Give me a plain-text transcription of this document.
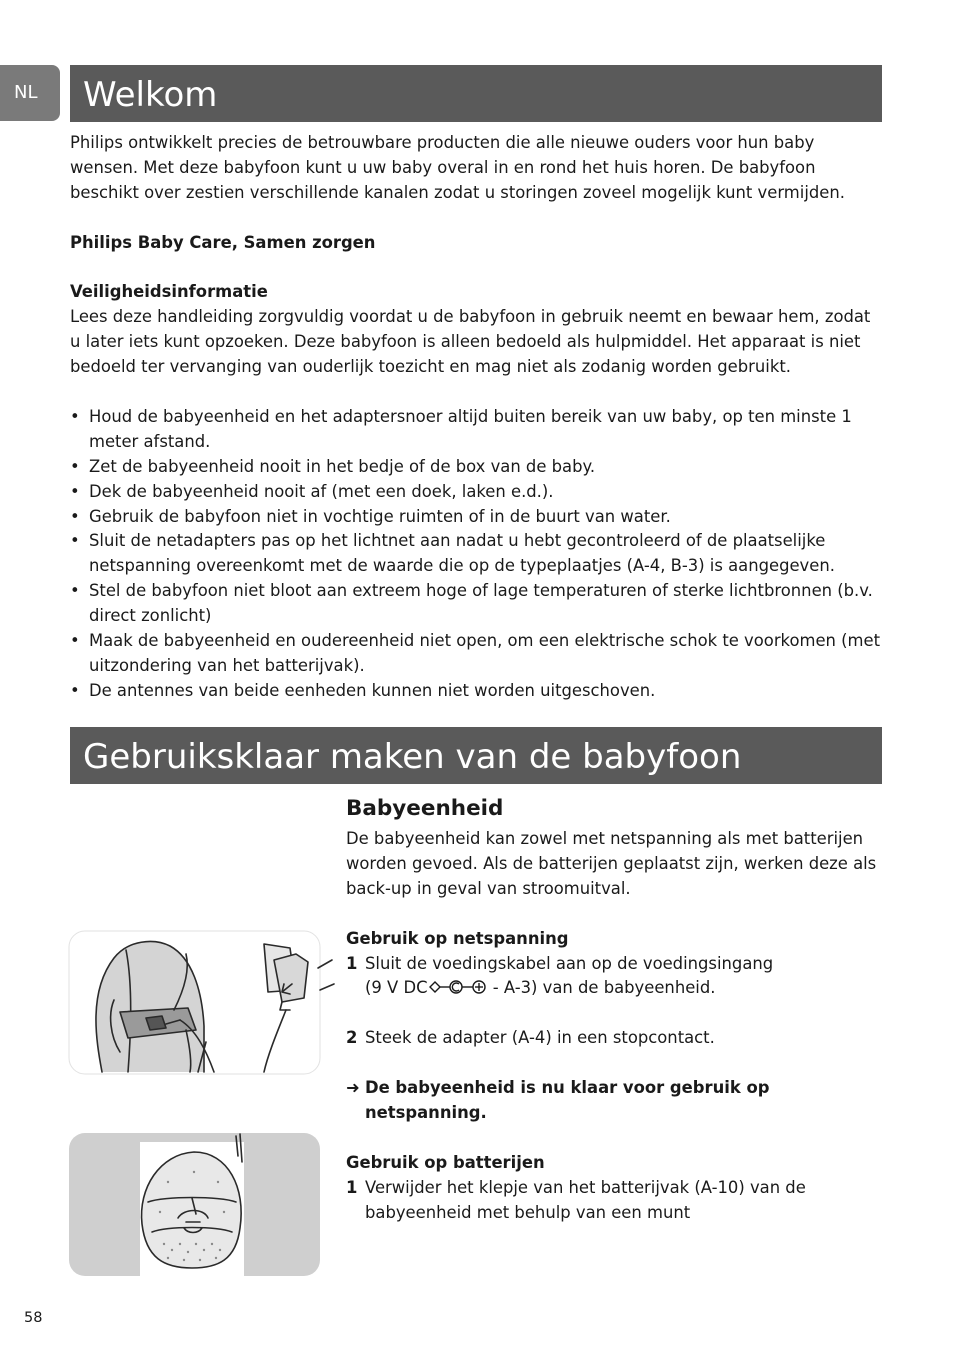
NL	Welkom

Philips ontwikkelt precies de betrouwbare producten die alle nieuwe ouders voor hun baby wensen. Met deze babyfoon kunt u uw baby overal in en rond het huis horen. De babyfoon beschikt over zestien verschillende kanalen zodat u storingen zoveel mogelijk kunt vermijden.

Philips Baby Care, Samen zorgen

Veiligheidsinformatie

Lees deze handleiding zorgvuldig voordat u de babyfoon in gebruik neemt en bewaar hem, zodat u later iets kunt opzoeken. Deze babyfoon is alleen bedoeld als hulpmiddel. Het apparaat is niet bedoeld ter vervanging van ouderlijk toezicht en mag niet als zodanig worden gebruikt.

• Houd de babyeenheid en het adaptersnoer altijd buiten bereik van uw baby, op ten minste 1 meter afstand.
• Zet de babyeenheid nooit in het bedje of de box van de baby.
• Dek de babyeenheid nooit af (met een doek, laken e.d.).
• Gebruik de babyfoon niet in vochtige ruimten of in de buurt van water.
• Sluit de netadapters pas op het lichtnet aan nadat u hebt gecontroleerd of de plaatselijke netspanning overeenkomt met de waarde die op de typeplaatjes (A-4, B-3) is aangegeven.
• Stel de babyfoon niet bloot aan extreem hoge of lage temperaturen of sterke lichtbronnen (b.v. direct zonlicht)
• Maak de babyeenheid en oudereenheid niet open, om een elektrische schok te voorkomen (met uitzondering van het batterijvak).
• De antennes van beide eenheden kunnen niet worden uitgeschoven.
Gebruiksklaar maken van de babyfoon
Babyeenheid

De babyeenheid kan zowel met netspanning als met batterijen worden gevoed. Als de batterijen geplaatst zijn, werken deze als back-up in geval van stroomuitval.

Gebruik op netspanning

1 Sluit de voedingskabel aan op de voedingsingang

(9 V DC	- A-3) van de babyeenheid.

2 Steek de adapter (A-4) in een stopcontact.

➜ De babyeenheid is nu klaar voor gebruik op netspanning.

Gebruik op batterijen

1 Verwijder het klepje van het batterijvak (A-10) van de babyeenheid met behulp van een munt

58
